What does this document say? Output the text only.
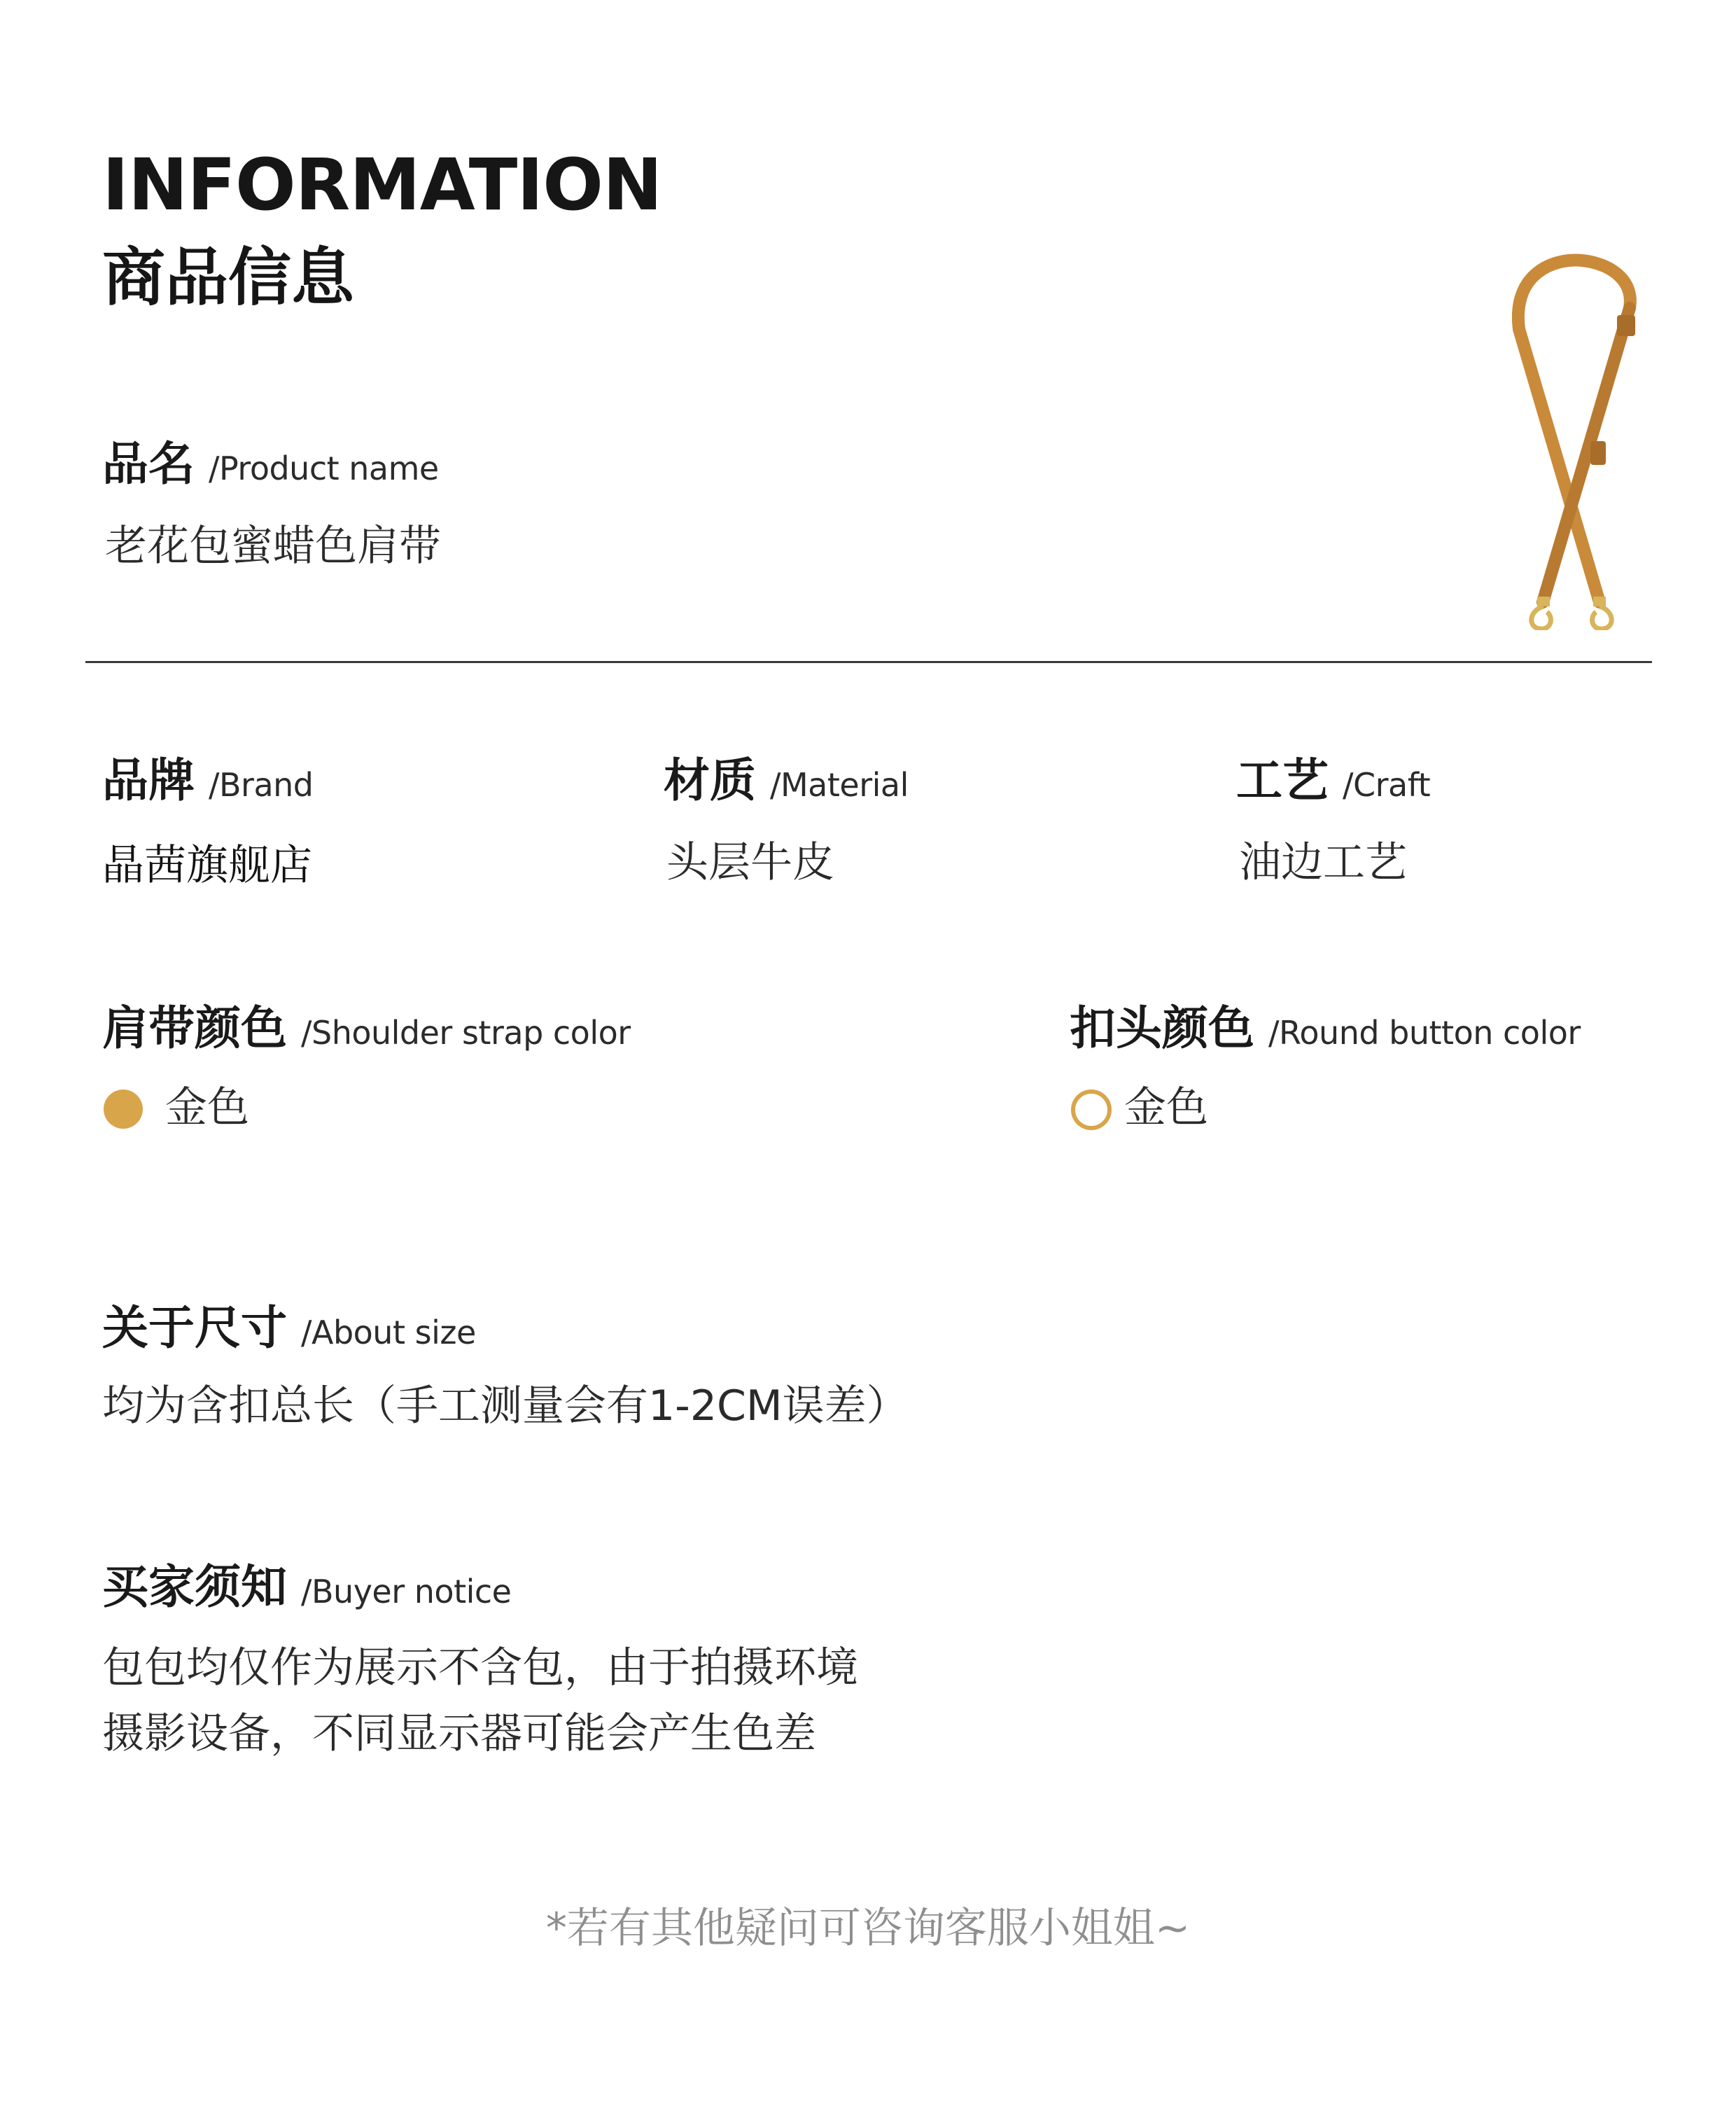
INFORMATION
商品信息
品名 /Product name
老花包蜜蜡色肩带
品牌 /Brand
晶茜旗舰店
材质 /Material
头层牛皮
工艺 /Craft
油边工艺
肩带颜色 /Shoulder strap color
金色
扣头颜色 /Round button color
金色
关于尺寸 /About size
均为含扣总长（手工测量会有1-2CM误差）
买家须知 /Buyer notice
包包均仅作为展示不含包，由于拍摄环境
摄影设备，不同显示器可能会产生色差
*若有其他疑问可咨询客服小姐姐~
